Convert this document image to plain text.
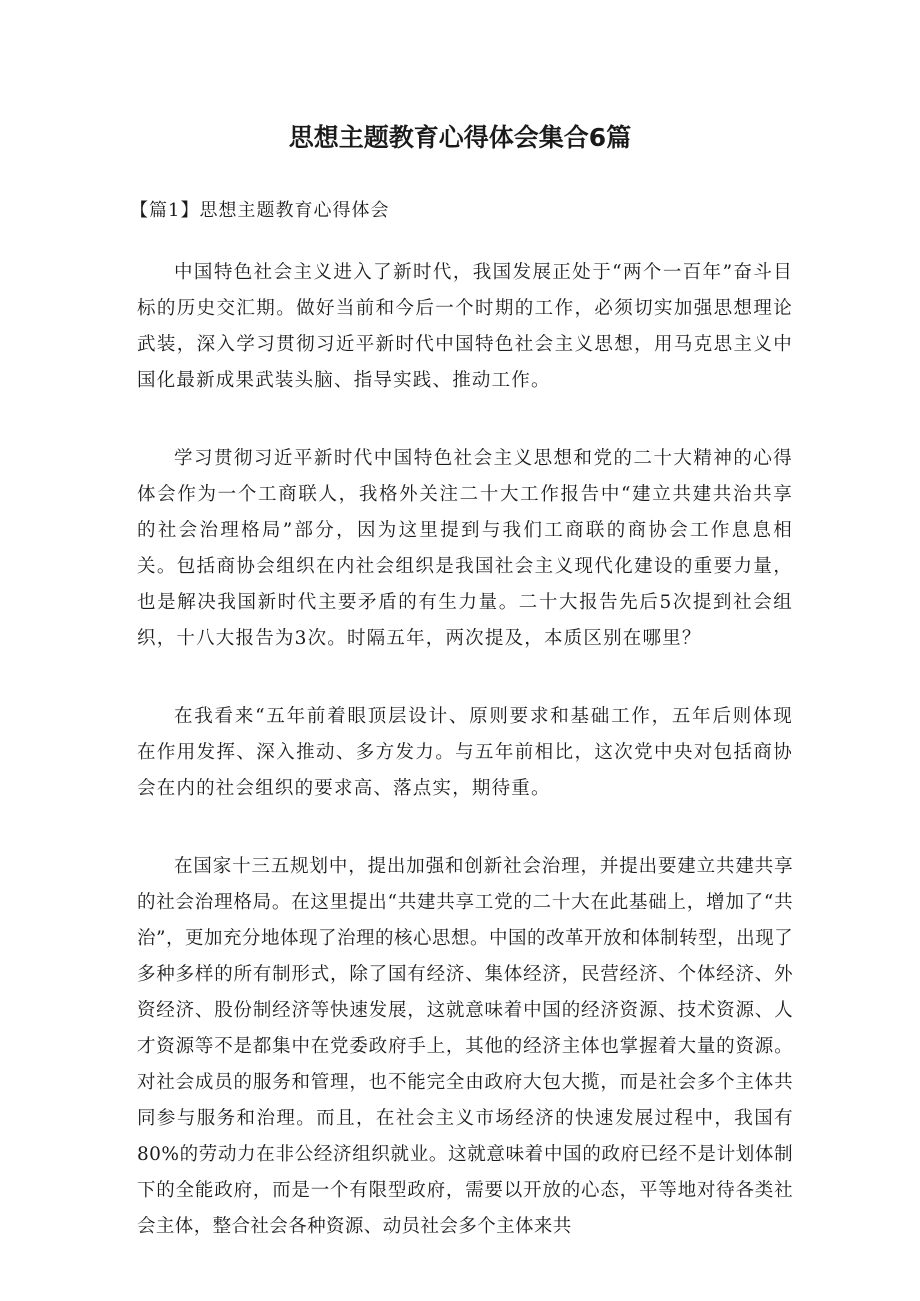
思想主题教育心得体会集合6篇
【篇1】思想主题教育心得体会

中国特色社会主义进入了新时代，我国发展正处于“两个一百年”奋斗目标的历史交汇期。做好当前和今后一个时期的工作，必须切实加强思想理论武装，深入学习贯彻习近平新时代中国特色社会主义思想，用马克思主义中国化最新成果武装头脑、指导实践、推动工作。

学习贯彻习近平新时代中国特色社会主义思想和党的二十大精神的心得体会作为一个工商联人，我格外关注二十大工作报告中“建立共建共治共享的社会治理格局”部分，因为这里提到与我们工商联的商协会工作息息相关。包括商协会组织在内社会组织是我国社会主义现代化建设的重要力量，也是解决我国新时代主要矛盾的有生力量。二十大报告先后5次提到社会组织，十八大报告为3次。时隔五年，两次提及，本质区别在哪里？

在我看来“五年前着眼顶层设计、原则要求和基础工作，五年后则体现在作用发挥、深入推动、多方发力。与五年前相比，这次党中央对包括商协会在内的社会组织的要求高、落点实，期待重。

在国家十三五规划中，提出加强和创新社会治理，并提出要建立共建共享的社会治理格局。在这里提出“共建共享工党的二十大在此基础上，增加了“共治”，更加充分地体现了治理的核心思想。中国的改革开放和体制转型，出现了多种多样的所有制形式，除了国有经济、集体经济，民营经济、个体经济、外资经济、股份制经济等快速发展，这就意味着中国的经济资源、技术资源、人才资源等不是都集中在党委政府手上，其他的经济主体也掌握着大量的资源。对社会成员的服务和管理，也不能完全由政府大包大揽，而是社会多个主体共同参与服务和治理。而且，在社会主义市场经济的快速发展过程中，我国有80%的劳动力在非公经济组织就业。这就意味着中国的政府已经不是计划体制下的全能政府，而是一个有限型政府，需要以开放的心态，平等地对待各类社会主体，整合社会各种资源、动员社会多个主体来共
